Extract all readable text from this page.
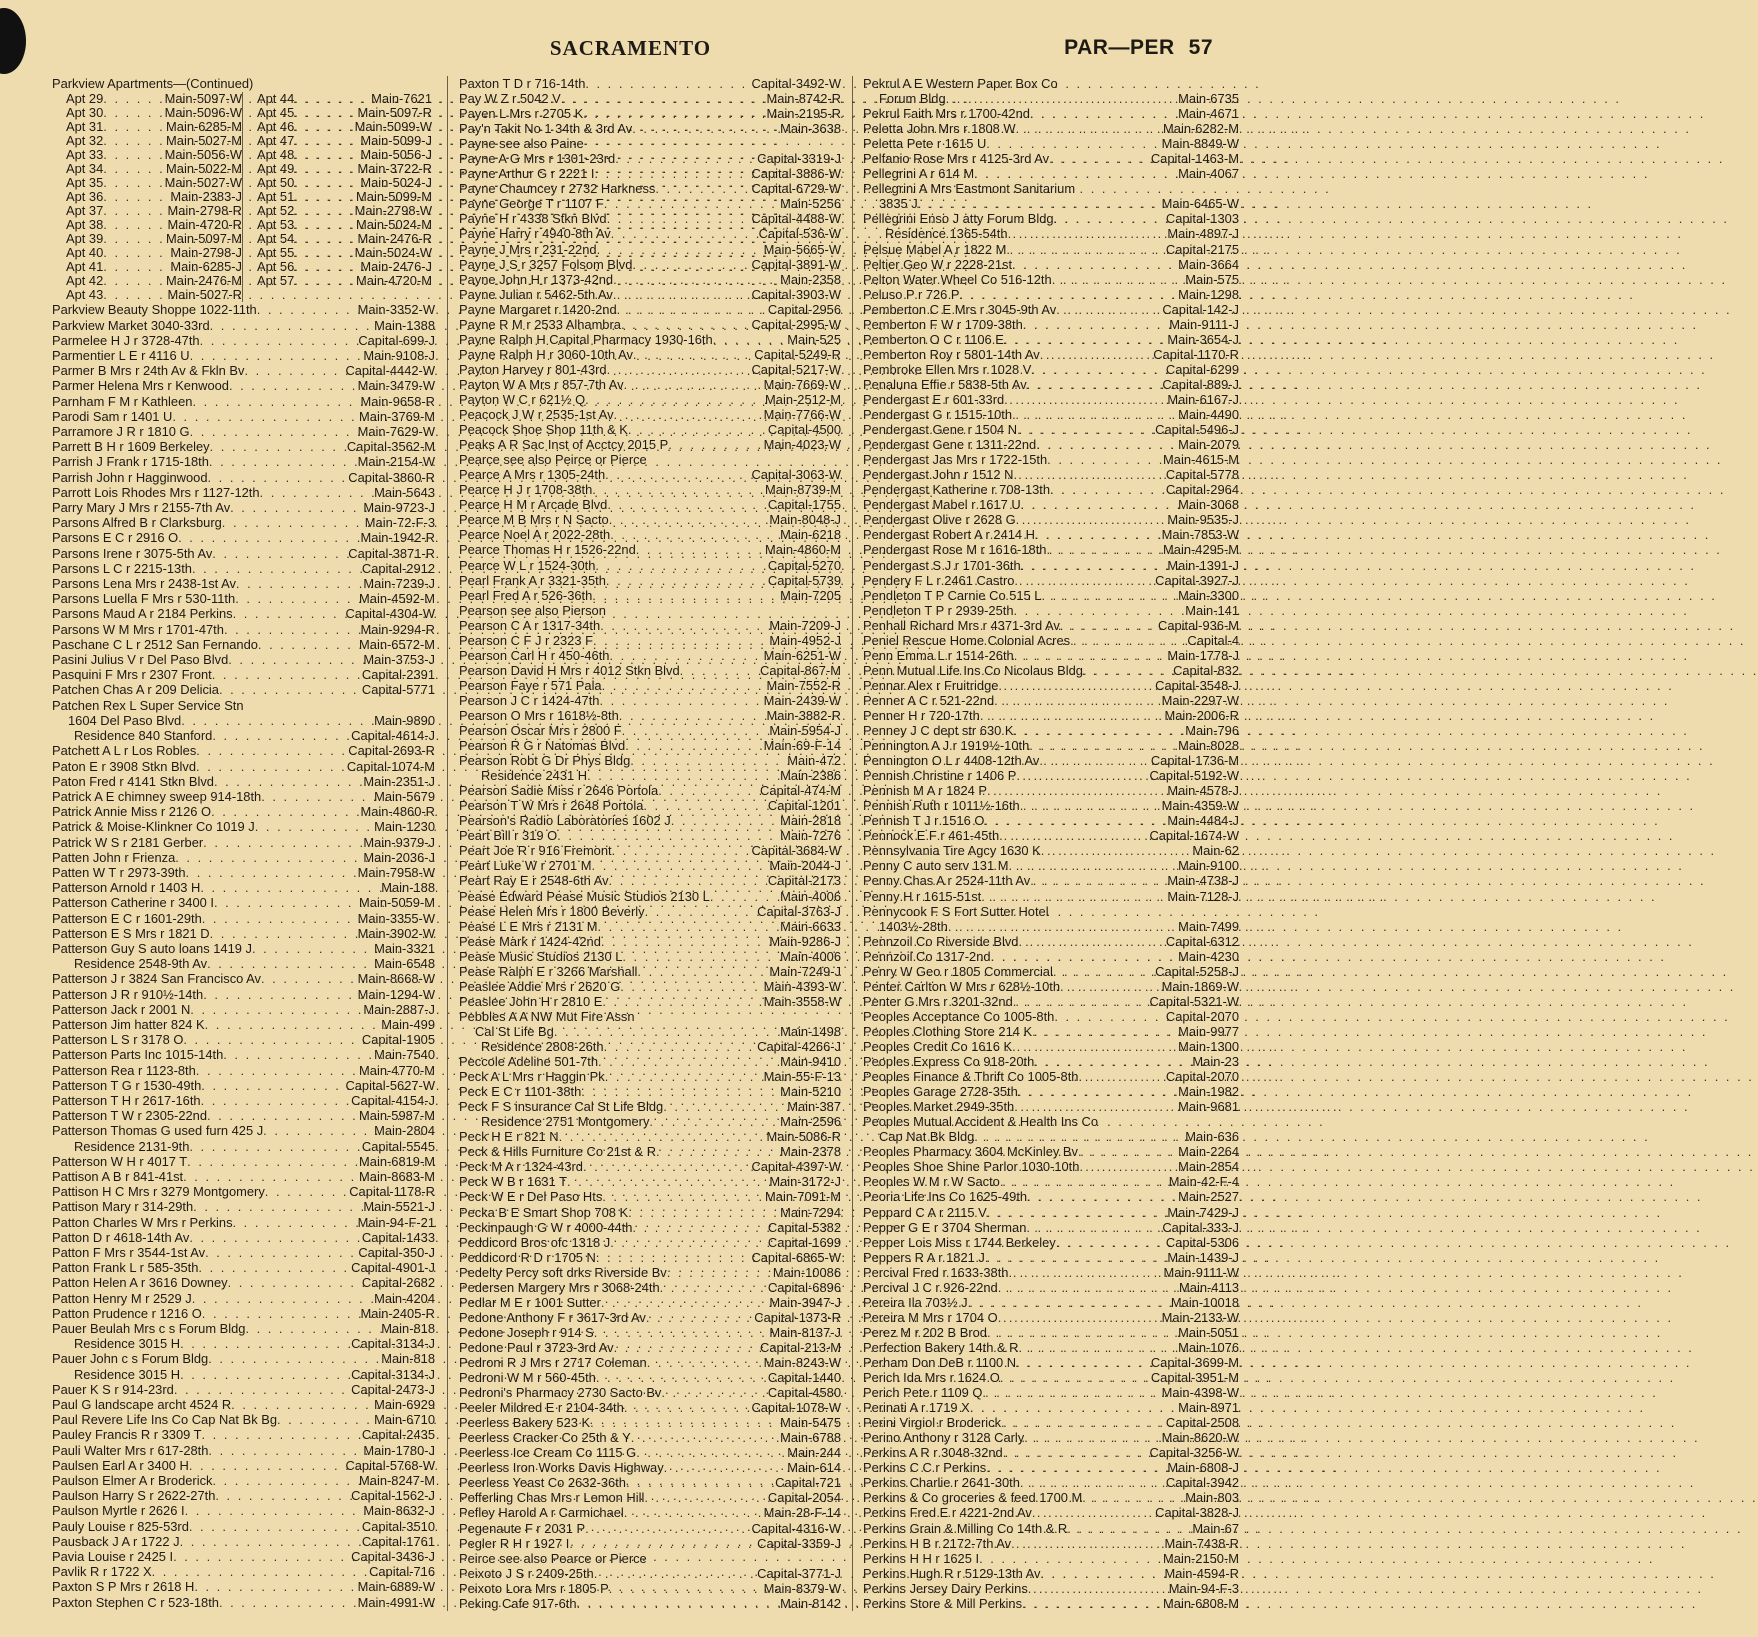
SACRAMENTO	PAR—PER 57
Parkview Apartments—(Continued)
Apt 29 . . .	Main-5097-W
Apt 30 . . .	Main-5096-W
Apt 31 . . .	Main-6285-M
Apt 32 . . .	Main-5027-M
Apt 33 . . .	Main-5056-W
Apt 34 . . .	Main-5022-M
Apt 35 . . .	Main-5027-W
Apt 36 . . .	Main-2383-J
Apt 37 . . .	Main-2798-R
Apt 38 . . .	Main-4720-R
Apt 39 . . .	Main-5097-M
Apt 40 . . .	Main-2798-J
Apt 41 . . .	Main-6285-J
Apt 42 . . .	Main-2476-M
Apt 43 . . .	Main-5027-R
Apt 44 . . .	Main-7621
Apt 45 . . .	Main-5097-R
Apt 46 . . .	Main-5099-W
Apt 47 . . .	Main-5099-J
Apt 48 . . .	Main-5056-J
Apt 49 . . .	Main-3722-R
Apt 50 . . .	Main-5024-J
Apt 51 . . .	Main-5099-M
Apt 52 . . .	Main-2798-W
Apt 53 . . .	Main-5024-M
Apt 54 . . .	Main-2476-R
Apt 55 . . .	Main-5024-W
Apt 56 . . .	Main-2476-J
Apt 57 . . .	Main-4720-M
Parkview Beauty Shoppe 1022-11th . . .	Main-3352-W
Parkview Market 3040-33rd . . .	Main-1388
Parmelee H J r 3728-47th . . .	Capital-699-J
Parmentier L E r 4116 U . . .	Main-9108-J
Parmer B Mrs r 24th Av & Fkln Bv . . .	Capital-4442-W
Parmer Helena Mrs r Kenwood . . .	Main-3479-W
Parnham F M r Kathleen . . .	Main-9658-R
Parodi Sam r 1401 U . . .	Main-3769-M
Parramore J R r 1810 G . . .	Main-7629-W
Parrett B H r 1609 Berkeley . . .	Capital-3562-M
Parrish J Frank r 1715-18th . . .	Main-2154-W
Parrish John r Hagginwood . . .	Capital-3860-R
Parrott Lois Rhodes Mrs r 1127-12th . . .	Main-5643
Parry Mary J Mrs r 2155-7th Av . . .	Main-9723-J
Parsons Alfred B r Clarksburg . . .	Main-72-F-3
Parsons E C r 2916 O . . .	Main-1942-R
Parsons Irene r 3075-5th Av . . .	Capital-3871-R
Parsons L C r 2215-13th . . .	Capital-2912
Parsons Lena Mrs r 2438-1st Av . . .	Main-7239-J
Parsons Luella F Mrs r 530-11th . . .	Main-4592-M
Parsons Maud A r 2184 Perkins . . .	Capital-4304-W
Parsons W M Mrs r 1701-47th . . .	Main-9294-R
Paschane C L r 2512 San Fernando . . .	Main-6572-M
Pasini Julius V r Del Paso Blvd . . .	Main-3753-J
Pasquini F Mrs r 2307 Front . . .	Capital-2391
Patchen Chas A r 209 Delicia . . .	Capital-5771
Patchen Rex L Super Service Stn
1604 Del Paso Blvd . . .	Main-9890
Residence 840 Stanford . . .	Capital-4614-J
Patchett A L r Los Robles . . .	Capital-2693-R
Paton E r 3908 Stkn Blvd . . .	Capital-1074-M
Paton Fred r 4141 Stkn Blvd . . .	Main-2351-J
Patrick A E chimney sweep 914-18th . . .	Main-5679
Patrick Annie Miss r 2126 O . . .	Main-4860-R
Patrick & Moise-Klinkner Co 1019 J . . .	Main-1230
Patrick W S r 2181 Gerber . . .	Main-9379-J
Patten John r Frienza . . .	Main-2036-J
Patten W T r 2973-39th . . .	Main-7958-W
Patterson Arnold r 1403 H . . .	Main-188
Patterson Catherine r 3400 I . . .	Main-5059-M
Patterson E C r 1601-29th . . .	Main-3355-W
Patterson E S Mrs r 1821 D . . .	Main-3902-W
Patterson Guy S auto loans 1419 J . . .	Main-3321
Residence 2548-9th Av . . .	Main-6548
Patterson J r 3824 San Francisco Av . . .	Main-8668-W
Patterson J R r 910½-14th . . .	Main-1294-W
Patterson Jack r 2001 N . . .	Main-2887-J
Patterson Jim hatter 824 K . . .	Main-499
Patterson L S r 3178 O . . .	Capital-1905
Patterson Parts Inc 1015-14th . . .	Main-7540
Patterson Rea r 1123-8th . . .	Main-4770-M
Patterson T G r 1530-49th . . .	Capital-5627-W
Patterson T H r 2617-16th . . .	Capital-4154-J
Patterson T W r 2305-22nd . . .	Main-5987-M
Patterson Thomas G used furn 425 J . . .	Main-2804
Residence 2131-9th . . .	Capital-5545
Patterson W H r 4017 T . . .	Main-6819-M
Pattison A B r 841-41st . . .	Main-8683-M
Pattison H C Mrs r 3279 Montgomery . . .	Capital-1178-R
Pattison Mary r 314-29th . . .	Main-5521-J
Patton Charles W Mrs r Perkins . . .	Main-94-F-21
Patton D r 4618-14th Av . . .	Capital-1433
Patton F Mrs r 3544-1st Av . . .	Capital-350-J
Patton Frank L r 585-35th . . .	Capital-4901-J
Patton Helen A r 3616 Downey . . .	Capital-2682
Patton Henry M r 2529 J . . .	Main-4204
Patton Prudence r 1216 O . . .	Main-2405-R
Pauer Beulah Mrs c s Forum Bldg . . .	Main-818
Residence 3015 H . . .	Capital-3134-J
Pauer John c s Forum Bldg . . .	Main-818
Residence 3015 H . . .	Capital-3134-J
Pauer K S r 914-23rd . . .	Capital-2473-J
Paul G landscape archt 4524 R . . .	Main-6929
Paul Revere Life Ins Co Cap Nat Bk Bg . . .	Main-6710
Pauley Francis R r 3309 T . . .	Capital-2435
Pauli Walter Mrs r 617-28th . . .	Main-1780-J
Paulsen Earl A r 3400 H . . .	Capital-5768-W
Paulson Elmer A r Broderick . . .	Main-8247-M
Paulson Harry S r 2622-27th . . .	Capital-1562-J
Paulson Myrtle r 2626 I . . .	Main-8632-J
Pauly Louise r 825-53rd . . .	Capital-3510
Pausback J A r 1722 J . . .	Capital-1761
Pavia Louise r 2425 I . . .	Capital-3436-J
Pavlik R r 1722 X . . .	Capital-716
Paxton S P Mrs r 2618 H . . .	Main-6889-W
Paxton Stephen C r 523-18th . . .	Main-4991-W
Paxton T D r 716-14th . . .	Capital-3492-W
Pay W Z r 5042 V . . .	Main-8742-R
Payen L Mrs r 2705 K . . .	Main-2195-R
Pay'n Takit No 1 34th & 3rd Av . . .	Main-3638
Payne see also Paine
Payne A G Mrs r 1301-23rd . . .	Capital-3319-J
Payne Arthur G r 2221 I . . .	Capital-3886-W
Payne Chauncey r 2732 Harkness . . .	Capital-6729-W
Payne George T r 1107 F . . .	Main-5256
Payne H r 4338 Stkn Blvd . . .	Capital-4488-W
Payne Harry r 4940-8th Av . . .	Capital-536-W
Payne J Mrs r 231-22nd . . .	Main-5665-W
Payne J S r 3257 Folsom Blvd . . .	Capital-3891-W
Payne John H r 1373-42nd . . .	Main-2358
Payne Julian r 5462-5th Av . . .	Capital-3903-W
Payne Margaret r 1420-2nd . . .	Capital-2956
Payne R M r 2533 Alhambra . . .	Capital-2995-W
Payne Ralph H Capital Pharmacy 1930-16th . . .	Main-525
Payne Ralph H r 3060-10th Av . . .	Capital-5249-R
Payton Harvey r 801-43rd . . .	Capital-5217-W
Payton W A Mrs r 857-7th Av . . .	Main-7669-W
Payton W C r 621½ Q . . .	Main-2512-M
Peacock J W r 2535-1st Av . . .	Main-7766-W
Peacock Shoe Shop 11th & K . . .	Capital-4500
Peaks A R Sac Inst of Acctcy 2015 P . . .	Main-4023-W
Pearce see also Peirce or Pierce
Pearce A Mrs r 1305-24th . . .	Capital-3063-W
Pearce H J r 1708-38th . . .	Main-8739-M
Pearce H M r Arcade Blvd . . .	Capital-1755
Pearce M B Mrs r N Sacto . . .	Main-8048-J
Pearce Noel A r 2022-28th . . .	Main-6218
Pearce Thomas H r 1526-22nd . . .	Main-4860-M
Pearce W L r 1524-30th . . .	Capital-5270
Pearl Frank A r 3321-35th . . .	Capital-5739
Pearl Fred A r 526-36th . . .	Main-7205
Pearson see also Pierson
Pearson C A r 1317-34th . . .	Main-7209-J
Pearson C F J r 2323 F . . .	Main-4952-J
Pearson Carl H r 450-46th . . .	Main-6251-W
Pearson David H Mrs r 4012 Stkn Blvd . . .	Capital-867-M
Pearson Faye r 571 Pala . . .	Main-7552-R
Pearson J C r 1424-47th . . .	Main-2439-W
Pearson O Mrs r 1618½-8th . . .	Main-3882-R
Pearson Oscar Mrs r 2800 F . . .	Main-5954-J
Pearson R G r Natomas Blvd . . .	Main-69-F-14
Pearson Robt G Dr Phys Bldg . . .	Main-472
Residence 2431 H . . .	Main-2386
Pearson Sadie Miss r 2646 Portola . . .	Capital-474-M
Pearson T W Mrs r 2648 Portola . . .	Capital-1201
Pearson's Radio Laboratories 1602 J . . .	Main-2818
Peart Bill r 319 O . . .	Main-7276
Peart Joe R r 916 Fremont . . .	Capital-3684-W
Peart Luke W r 2701 M . . .	Main-2044-J
Peart Ray E r 2548-6th Av . . .	Capital-2173
Pease Edward Pease Music Studios 2130 L . . .	Main-4006
Pease Helen Mrs r 1800 Beverly . . .	Capital-3763-J
Pease L E Mrs r 2131 M . . .	Main-6633
Pease Mark r 1424-42nd . . .	Main-9286-J
Pease Music Studios 2130 L . . .	Main-4006
Pease Ralph E r 3266 Marshall . . .	Main-7249-J
Peaslee Addie Mrs r 2620 G . . .	Main-4393-W
Peaslee John H r 2810 E . . .	Main-3558-W
Pebbles A A NW Mut Fire Assn
Cal St Life Bg . . .	Main-1498
Residence 2808-26th . . .	Capital-4266-J
Peccole Adeline 501-7th . . .	Main-9410
Peck A L Mrs r Haggin Pk . . .	Main-55-F-13
Peck E C r 1101-38th . . .	Main-5210
Peck F S insurance Cal St Life Bldg . . .	Main-387
Residence 2751 Montgomery . . .	Main-2596
Peck H E r 821 N . . .	Main-5086-R
Peck & Hills Furniture Co 21st & R . . .	Main-2378
Peck M A r 1324-43rd . . .	Capital-4397-W
Peck W B r 1631 T . . .	Main-3172-J
Peck W E r Del Paso Hts . . .	Main-7091-M
Pecka B E Smart Shop 708 K . . .	Main-7294
Peckinpaugh G W r 4000-44th . . .	Capital-5382
Peddicord Bros ofc 1318 J . . .	Capital-1699
Peddicord R D r 1705 N . . .	Capital-6865-W
Pedelty Percy soft drks Riverside Bv . . .	Main-10086
Pedersen Margery Mrs r 3068-24th . . .	Capital-6896
Pedlar M E r 1001 Sutter . . .	Main-3947-J
Pedone Anthony F r 3617-3rd Av . . .	Capital-1373-R
Pedone Joseph r 914 S . . .	Main-8137-J
Pedone Paul r 3723-3rd Av . . .	Capital-213-M
Pedroni R J Mrs r 2717 Coleman . . .	Main-8243-W
Pedroni W M r 560-45th . . .	Capital-1440
Pedroni's Pharmacy 2730 Sacto Bv . . .	Capital-4580
Peeler Mildred E r 2104-34th . . .	Capital-1078-W
Peerless Bakery 523 K . . .	Main-5475
Peerless Cracker Co 25th & Y . . .	Main-6788
Peerless Ice Cream Co 1115 G . . .	Main-244
Peerless Iron Works Davis Highway . . .	Main-614
Peerless Yeast Co 2632-36th . . .	Capital-721
Pefferling Chas Mrs r Lemon Hill . . .	Capital-2054
Pefley Harold A r Carmichael . . .	Main-28-F-14
Pegenaute F r 2031 P . . .	Capital-4316-W
Pegler R H r 1927 I . . .	Capital-3359-J
Peirce see also Pearce or Pierce
Peixoto J S r 2409-25th . . .	Capital-3771-J
Peixoto Lora Mrs r 1805 P . . .	Main-8379-W
Peking Cafe 917-6th . . .	Main-8142
Pekrul A E Western Paper Box Co
Forum Bldg . . .	Main-6735
Pekrul Faith Mrs r 1700-42nd . . .	Main-4671
Peletta John Mrs r 1808 W . . .	Main-6282-M
Peletta Pete r 1615 U . . .	Main-8849-W
Pelfanio Rose Mrs r 4125-3rd Av . . .	Capital-1463-M
Pellegrini A r 614 M . . .	Main-4067
Pellegrini A Mrs Eastmont Sanitarium
3835 J . . .	Main-6465-W
Pellegrini Enso J atty Forum Bldg . . .	Capital-1303
Residence 1365-54th . . .	Main-4897-J
Pelsue Mabel A r 1822 M . . .	Capital-2175
Peltier Geo W r 2228-21st . . .	Main-3664
Pelton Water Wheel Co 516-12th . . .	Main-575
Peluso P r 726 P . . .	Main-1298
Pemberton C E Mrs r 3045-9th Av . . .	Capital-142-J
Pemberton F W r 1709-38th . . .	Main-9111-J
Pemberton O C r 1106 E . . .	Main-3654-J
Pemberton Roy r 5801-14th Av . . .	Capital-1170-R
Pembroke Ellen Mrs r 1028 V . . .	Capital-6299
Penaluna Effie r 5838-5th Av . . .	Capital-889-J
Pendergast E r 601-33rd . . .	Main-6167-J
Pendergast G r 1515-10th . . .	Main-4490
Pendergast Gene r 1504 N . . .	Capital-5496-J
Pendergast Gene r 1311-22nd . . .	Main-2079
Pendergast Jas Mrs r 1722-15th . . .	Main-4615-M
Pendergast John r 1512 N . . .	Capital-5778
Pendergast Katherine r 708-13th . . .	Capital-2964
Pendergast Mabel r 1617 U . . .	Main-3068
Pendergast Olive r 2628 G . . .	Main-9535-J
Pendergast Robert A r 2414 H . . .	Main-7853-W
Pendergast Rose M r 1616-18th . . .	Main-4295-M
Pendergast S J r 1701-36th . . .	Main-1391-J
Pendery F L r 2461 Castro . . .	Capital-3927-J
Pendleton T P Carnie Co 515 L . . .	Main-3300
Pendleton T P r 2939-25th . . .	Main-141
Penhall Richard Mrs r 4371-3rd Av . . .	Capital-936-M
Peniel Rescue Home Colonial Acres . . .	Capital-4
Penn Emma L r 1514-26th . . .	Main-1778-J
Penn Mutual Life Ins Co Nicolaus Bldg . . .	Capital-832
Pennar Alex r Fruitridge . . .	Capital-3548-J
Penner A C r 521-22nd . . .	Main-2297-W
Penner H r 720-17th . . .	Main-2006-R
Penney J C dept str 630 K . . .	Main-796
Pennington A J r 1919½-10th . . .	Main-8028
Pennington O L r 4408-12th Av . . .	Capital-1736-M
Pennish Christine r 1406 P . . .	Capital-5192-W
Pennish M A r 1824 P . . .	Main-4578-J
Pennish Ruth r 1011½-16th . . .	Main-4359-W
Pennish T J r 1516 O . . .	Main-4484-J
Pennock E F r 461-45th . . .	Capital-1674-W
Pennsylvania Tire Agcy 1630 K . . .	Main-62
Penny C auto serv 131 M . . .	Main-9100
Penny Chas A r 2524-11th Av . . .	Main-4738-J
Penny H r 1615-51st . . .	Main-7128-J
Pennycook F S Fort Sutter Hotel
1403½-28th . . .	Main-7499
Pennzoil Co Riverside Blvd . . .	Capital-6312
Pennzoil Co 1317-2nd . . .	Main-4230
Penry W Geo r 1805 Commercial . . .	Capital-5258-J
Penter Carlton W Mrs r 628½-10th . . .	Main-1869-W
Penter G Mrs r 3201-32nd . . .	Capital-5321-W
Peoples Acceptance Co 1005-8th . . .	Capital-2070
Peoples Clothing Store 214 K . . .	Main-9977
Peoples Credit Co 1616 K . . .	Main-1300
Peoples Express Co 918-20th . . .	Main-23
Peoples Finance & Thrift Co 1005-8th . . .	Capital-2070
Peoples Garage 2728-35th . . .	Main-1982
Peoples Market 2949-35th . . .	Main-9681
Peoples Mutual Accident & Health Ins Co
Cap Nat Bk Bldg . . .	Main-636
Peoples Pharmacy 3604 McKinley Bv . . .	Main-2264
Peoples Shoe Shine Parlor 1030-10th . . .	Main-2854
Peoples W M r W Sacto . . .	Main-42-F-4
Peoria Life Ins Co 1625-49th . . .	Main-2527
Peppard C A r 2115 V . . .	Main-7429-J
Pepper G E r 3704 Sherman . . .	Capital-333-J
Pepper Lois Miss r 1744 Berkeley . . .	Capital-5306
Peppers R A r 1821 J . . .	Main-1439-J
Percival Fred r 1633-38th . . .	Main-9111-W
Percival J C r 926-22nd . . .	Main-4113
Pereira Ila 703½ J . . .	Main-10018
Pereira M Mrs r 1704 O . . .	Main-2133-W
Perez M r 202 B Brod . . .	Main-5051
Perfection Bakery 14th & R . . .	Main-1076
Perham Don DeB r 1100 N . . .	Capital-3699-M
Perich Ida Mrs r 1624 O . . .	Capital-3951-M
Perich Pete r 1109 Q . . .	Main-4398-W
Perinati A r 1719 X . . .	Main-8971
Perini Virgiol r Broderick . . .	Capital-2508
Perino Anthony r 3128 Carly . . .	Main-8620-W
Perkins A R r 3048-32nd . . .	Capital-3256-W
Perkins C C r Perkins . . .	Main-6808-J
Perkins Charlie r 2641-30th . . .	Capital-3942
Perkins & Co groceries & feed 1700 M . . .	Main-803
Perkins Fred E r 4221-2nd Av . . .	Capital-3828-J
Perkins Grain & Milling Co 14th & R . . .	Main-67
Perkins H B r 2172-7th Av . . .	Main-7438-R
Perkins H H r 1625 I . . .	Main-2150-M
Perkins Hugh R r 5129-13th Av . . .	Main-4594-R
Perkins Jersey Dairy Perkins . . .	Main-94-F-3
Perkins Store & Mill Perkins . . .	Main-6808-M
